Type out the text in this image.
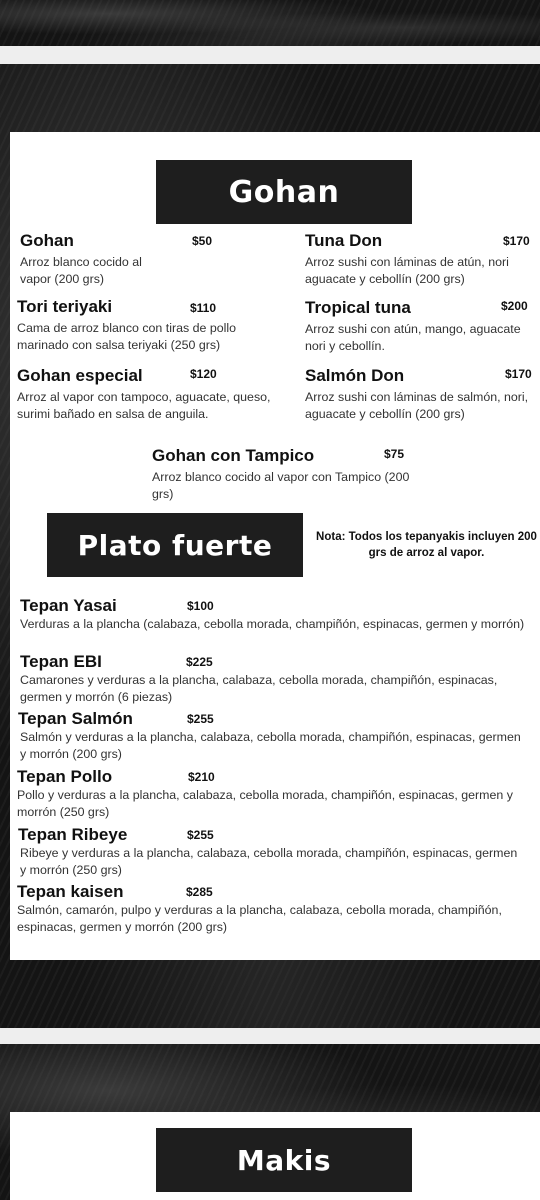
Gohan
Gohan	$50
Arroz blanco cocido al vapor (200 grs)
Tuna Don	$170
Arroz sushi con láminas de atún, nori aguacate y cebollín (200 grs)
Tori teriyaki	$110
Cama de arroz blanco con tiras de pollo marinado con salsa teriyaki (250 grs)
Tropical tuna	$200
Arroz sushi con atún, mango, aguacate nori y cebollín.
Gohan especial	$120
Arroz al vapor con tampoco, aguacate, queso, surimi bañado en salsa de anguila.
Salmón Don	$170
Arroz sushi con láminas de salmón, nori, aguacate y cebollín (200 grs)
Gohan con Tampico	$75
Arroz blanco cocido al vapor con Tampico (200 grs)
Plato fuerte	Nota: Todos los tepanyakis incluyen 200 grs de arroz al vapor.
Tepan Yasai	$100
Verduras a la plancha (calabaza, cebolla morada, champiñón, espinacas, germen y morrón)
Tepan EBI	$225
Camarones y verduras a la plancha, calabaza, cebolla morada, champiñón, espinacas, germen y morrón (6 piezas)
Tepan Salmón	$255
Salmón y verduras a la plancha, calabaza, cebolla morada, champiñón, espinacas, germen y morrón (200 grs)
Tepan Pollo	$210
Pollo y verduras a la plancha, calabaza, cebolla morada, champiñón, espinacas, germen y morrón (250 grs)
Tepan Ribeye	$255
Ribeye y verduras a la plancha, calabaza, cebolla morada, champiñón, espinacas, germen y morrón (250 grs)
Tepan kaisen	$285
Salmón, camarón, pulpo y verduras a la plancha, calabaza, cebolla morada, champiñón, espinacas, germen y morrón (200 grs)
Makis
